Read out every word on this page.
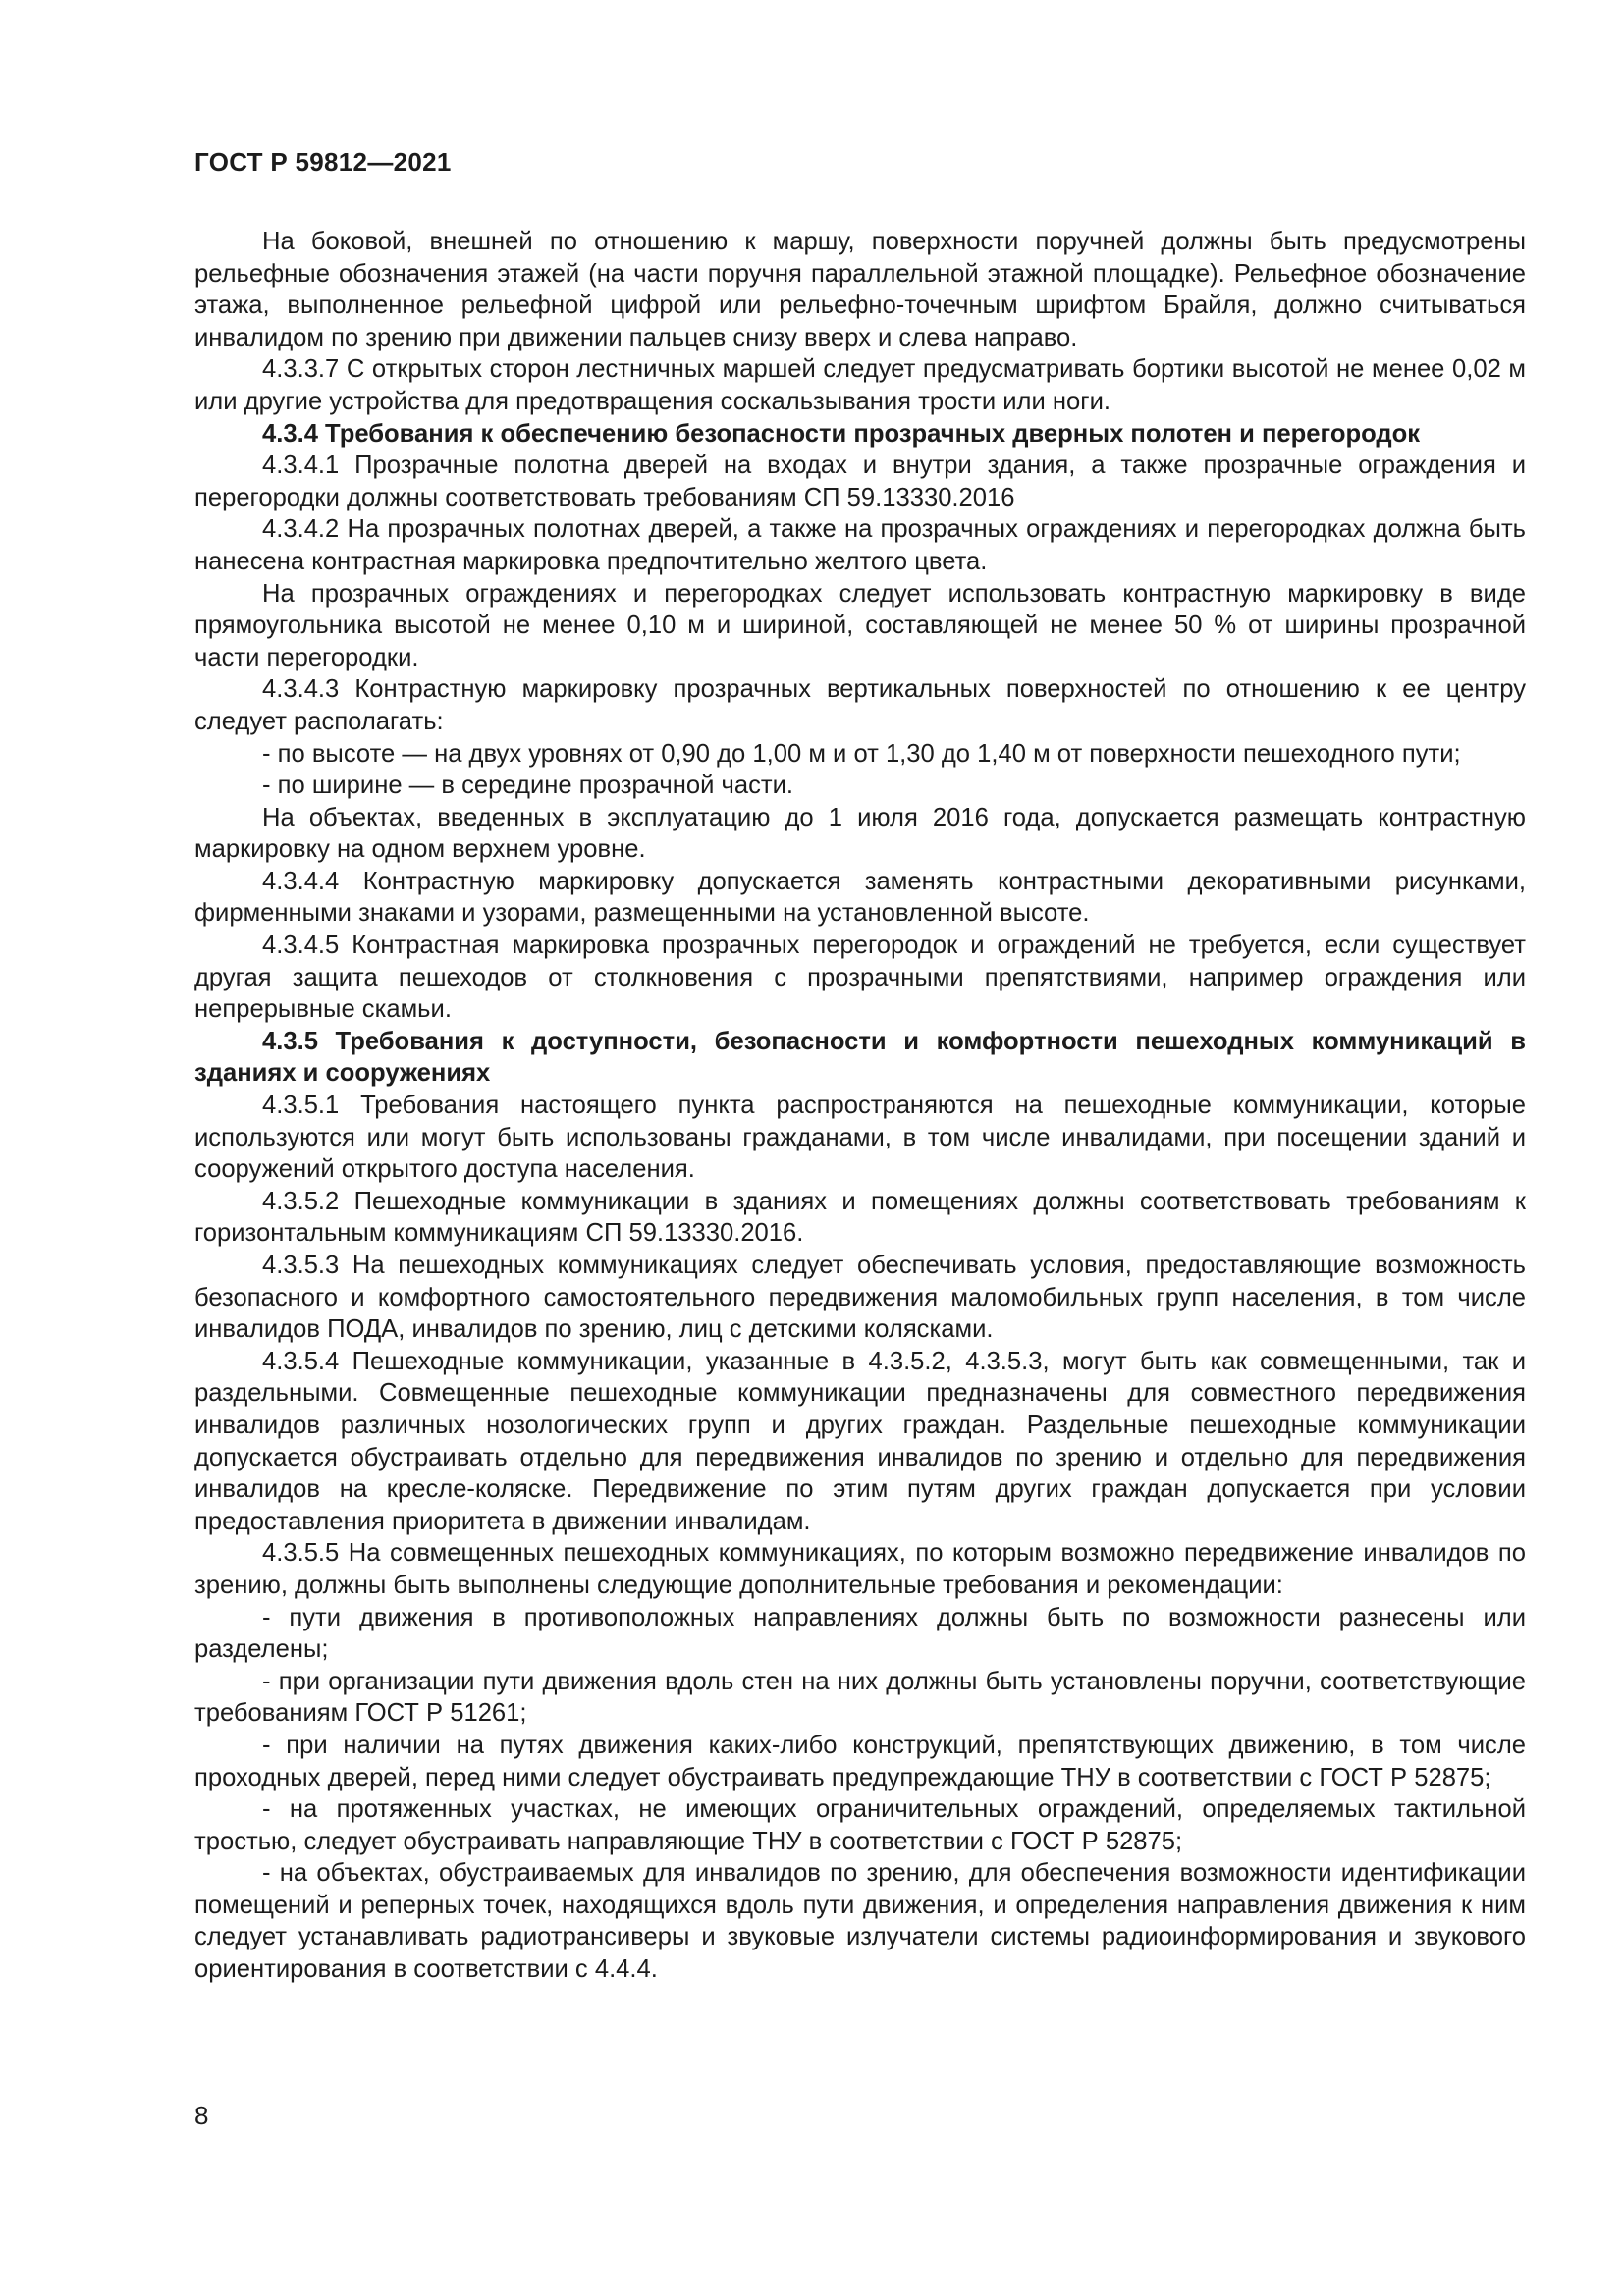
ГОСТ Р 59812—2021

На боковой, внешней по отношению к маршу, поверхности поручней должны быть предусмотрены рельефные обозначения этажей (на части поручня параллельной этажной площадке). Рельефное обозначение этажа, выполненное рельефной цифрой или рельефно-точечным шрифтом Брайля, должно считываться инвалидом по зрению при движении пальцев снизу вверх и слева направо.

4.3.3.7 С открытых сторон лестничных маршей следует предусматривать бортики высотой не менее 0,02 м или другие устройства для предотвращения соскальзывания трости или ноги.

4.3.4 Требования к обеспечению безопасности прозрачных дверных полотен и перегородок

4.3.4.1 Прозрачные полотна дверей на входах и внутри здания, а также прозрачные ограждения и перегородки должны соответствовать требованиям СП 59.13330.2016

4.3.4.2 На прозрачных полотнах дверей, а также на прозрачных ограждениях и перегородках должна быть нанесена контрастная маркировка предпочтительно желтого цвета.

На прозрачных ограждениях и перегородках следует использовать контрастную маркировку в виде прямоугольника высотой не менее 0,10 м и шириной, составляющей не менее 50 % от ширины прозрачной части перегородки.

4.3.4.3 Контрастную маркировку прозрачных вертикальных поверхностей по отношению к ее центру следует располагать:

- по высоте — на двух уровнях от 0,90 до 1,00 м и от 1,30 до 1,40 м от поверхности пешеходного пути;

- по ширине — в середине прозрачной части.

На объектах, введенных в эксплуатацию до 1 июля 2016 года, допускается размещать контрастную маркировку на одном верхнем уровне.

4.3.4.4 Контрастную маркировку допускается заменять контрастными декоративными рисунками, фирменными знаками и узорами, размещенными на установленной высоте.

4.3.4.5 Контрастная маркировка прозрачных перегородок и ограждений не требуется, если существует другая защита пешеходов от столкновения с прозрачными препятствиями, например ограждения или непрерывные скамьи.

4.3.5 Требования к доступности, безопасности и комфортности пешеходных коммуникаций в зданиях и сооружениях

4.3.5.1 Требования настоящего пункта распространяются на пешеходные коммуникации, которые используются или могут быть использованы гражданами, в том числе инвалидами, при посещении зданий и сооружений открытого доступа населения.

4.3.5.2 Пешеходные коммуникации в зданиях и помещениях должны соответствовать требованиям к горизонтальным коммуникациям СП 59.13330.2016.

4.3.5.3 На пешеходных коммуникациях следует обеспечивать условия, предоставляющие возможность безопасного и комфортного самостоятельного передвижения маломобильных групп населения, в том числе инвалидов ПОДА, инвалидов по зрению, лиц с детскими колясками.

4.3.5.4 Пешеходные коммуникации, указанные в 4.3.5.2, 4.3.5.3, могут быть как совмещенными, так и раздельными. Совмещенные пешеходные коммуникации предназначены для совместного передвижения инвалидов различных нозологических групп и других граждан. Раздельные пешеходные коммуникации допускается обустраивать отдельно для передвижения инвалидов по зрению и отдельно для передвижения инвалидов на кресле-коляске. Передвижение по этим путям других граждан допускается при условии предоставления приоритета в движении инвалидам.

4.3.5.5 На совмещенных пешеходных коммуникациях, по которым возможно передвижение инвалидов по зрению, должны быть выполнены следующие дополнительные требования и рекомендации:

- пути движения в противоположных направлениях должны быть по возможности разнесены или разделены;

- при организации пути движения вдоль стен на них должны быть установлены поручни, соответствующие требованиям ГОСТ Р 51261;

- при наличии на путях движения каких-либо конструкций, препятствующих движению, в том числе проходных дверей, перед ними следует обустраивать предупреждающие ТНУ в соответствии с ГОСТ Р 52875;

- на протяженных участках, не имеющих ограничительных ограждений, определяемых тактильной тростью, следует обустраивать направляющие ТНУ в соответствии с ГОСТ Р 52875;

- на объектах, обустраиваемых для инвалидов по зрению, для обеспечения возможности идентификации помещений и реперных точек, находящихся вдоль пути движения, и определения направления движения к ним следует устанавливать радиотрансиверы и звуковые излучатели системы радиоинформирования и звукового ориентирования в соответствии с 4.4.4.

8
